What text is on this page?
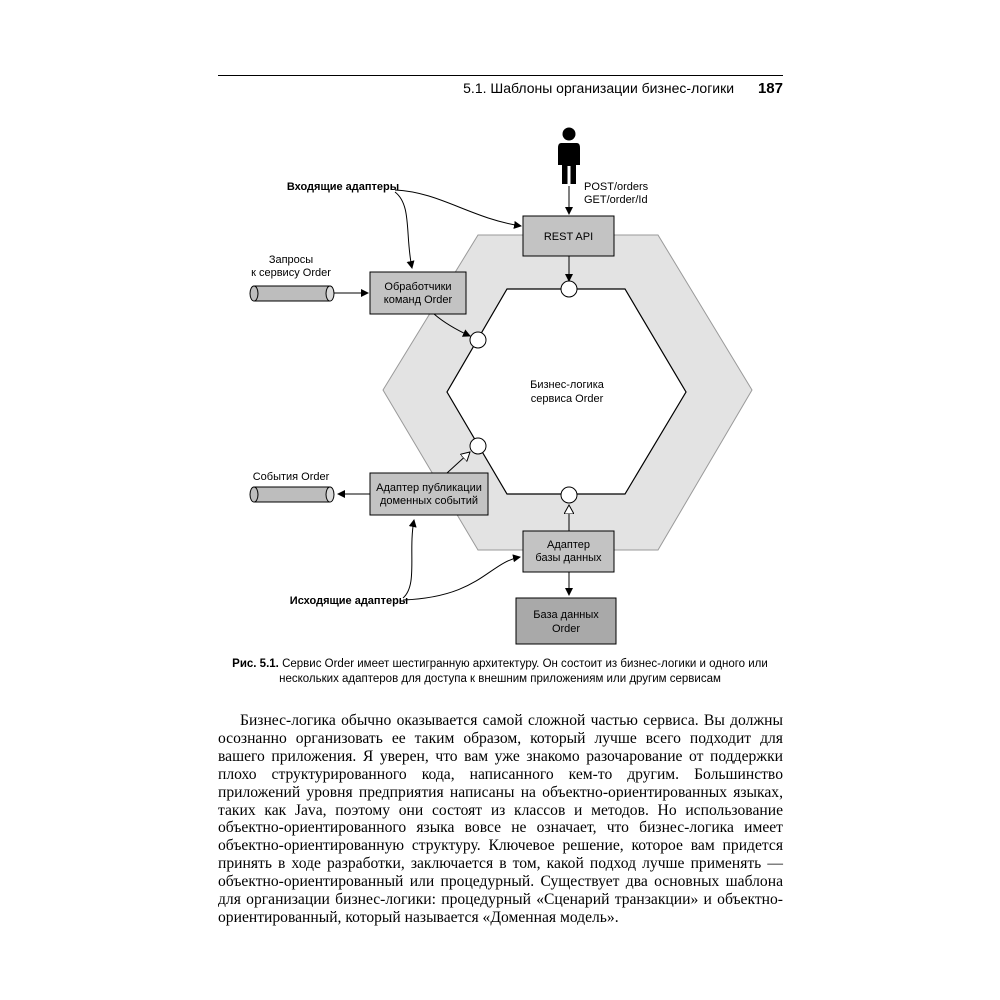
5.1. Шаблоны организации бизнес-логики 187
Бизнес-логика
сервиса Order
POST/orders
GET/order/Id
REST API
Входящие адаптеры
Запросы
к сервису Order
Обработчики
команд Order
События Order
Адаптер публикации
доменных событий
Адаптер
базы данных
База данных
Order
Исходящие адаптеры
Рис. 5.1. Сервис Order имеет шестигранную архитектуру. Он состоит из бизнес-логики и одного или нескольких адаптеров для доступа к внешним приложениям или другим сервисам

Бизнес-логика обычно оказывается самой сложной частью сервиса. Вы должны осознанно организовать ее таким образом, который лучше всего подходит для вашего приложения. Я уверен, что вам уже знакомо разочарование от поддержки плохо структурированного кода, написанного кем-то другим. Большинство приложений уровня предприятия написаны на объектно-ориентированных языках, таких как Java, поэтому они состоят из классов и методов. Но использование объектно-ориентированного языка вовсе не означает, что бизнес-логика имеет объектно-ориентированную структуру. Ключевое решение, которое вам придется принять в ходе разработки, заключается в том, какой подход лучше применять — объектно-ориентированный или процедурный. Существует два основных шаблона для организации бизнес-логики: процедурный «Сценарий транзакции» и объектно-ориентированный, который называется «Доменная модель».
